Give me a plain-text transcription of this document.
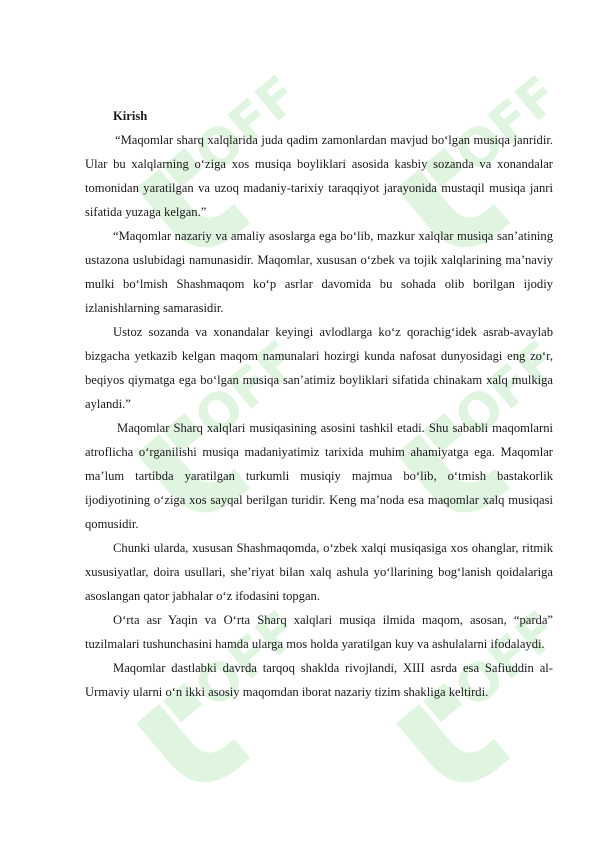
OFF	OFF
OFF	OFF
OFF	OFF

Kirish

“Maqomlar sharq xalqlarida juda qadim zamonlardan mavjud bo‘lgan musiqa janridir. Ular bu xalqlarning o‘ziga xos musiqa boyliklari asosida kasbiy sozanda va xonandalar tomonidan yaratilgan va uzoq madaniy-tarixiy taraqqiyot jarayonida mustaqil musiqa janri sifatida yuzaga kelgan.”

“Maqomlar nazariy va amaliy asoslarga ega bo‘lib, mazkur xalqlar musiqa san’atining ustazona uslubidagi namunasidir. Maqomlar, xususan o‘zbek va tojik xalqlarining ma’naviy mulki bo‘lmish Shashmaqom ko‘p asrlar davomida bu sohada olib borilgan ijodiy izlanishlarning samarasidir.

Ustoz sozanda va xonandalar keyingi avlodlarga ko‘z qorachig‘idek asrab-avaylab bizgacha yetkazib kelgan maqom namunalari hozirgi kunda nafosat dunyosidagi eng zo‘r, beqiyos qiymatga ega bo‘lgan musiqa san’atimiz boyliklari sifatida chinakam xalq mulkiga aylandi.”

Maqomlar Sharq xalqlari musiqasining asosini tashkil etadi. Shu sababli maqomlarni atroflicha o‘rganilishi musiqa madaniyatimiz tarixida muhim ahamiyatga ega. Maqomlar ma’lum tartibda yaratilgan turkumli musiqiy majmua bo‘lib, o‘tmish bastakorlik ijodiyotining o‘ziga xos sayqal berilgan turidir. Keng ma’noda esa maqomlar xalq musiqasi qomusidir.

Chunki ularda, xususan Shashmaqomda, o‘zbek xalqi musiqasiga xos ohanglar, ritmik xususiyatlar, doira usullari, she’riyat bilan xalq ashula yo‘llarining bog‘lanish qoidalariga asoslangan qator jabhalar o‘z ifodasini topgan.

O‘rta asr Yaqin va O‘rta Sharq xalqlari musiqa ilmida maqom, asosan, “parda” tuzilmalari tushunchasini hamda ularga mos holda yaratilgan kuy va ashulalarni ifodalaydi.

Maqomlar dastlabki davrda tarqoq shaklda rivojlandi, XIII asrda esa Safiuddin al-Urmaviy ularni o‘n ikki asosiy maqomdan iborat nazariy tizim shakliga keltirdi.
